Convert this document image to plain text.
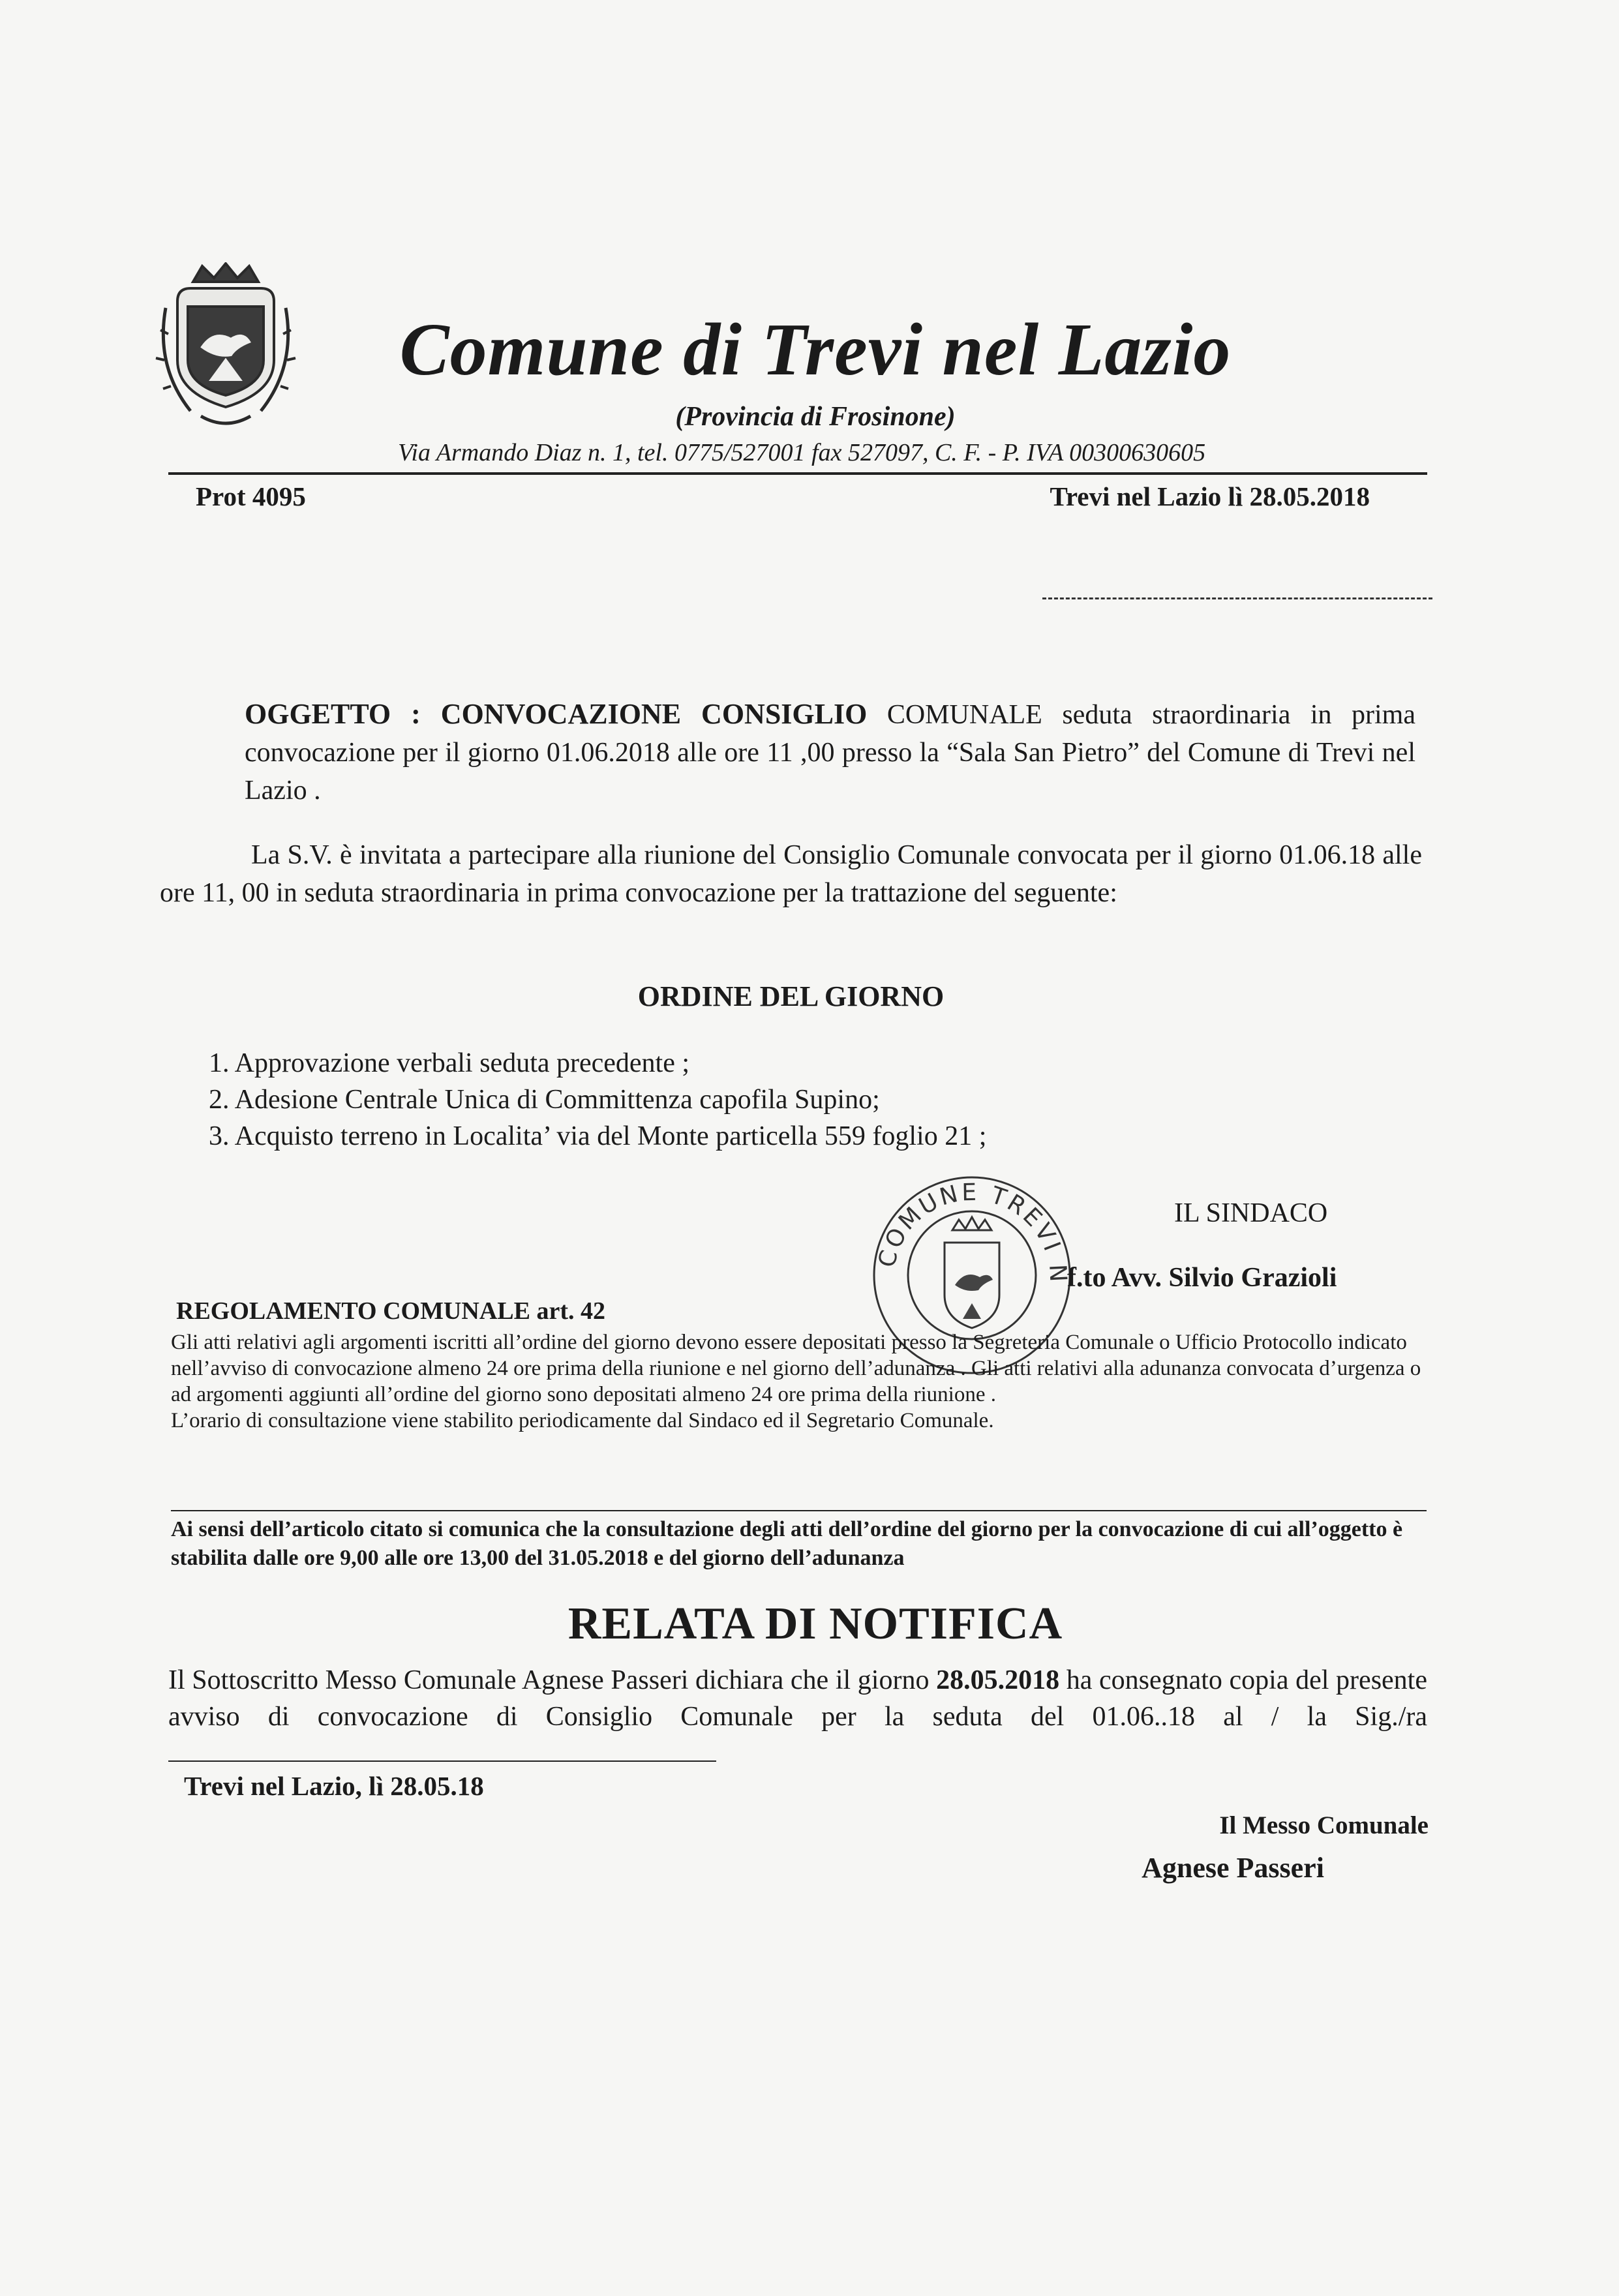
Comune di Trevi nel Lazio
(Provincia di Frosinone)
Via Armando Diaz n. 1, tel. 0775/527001 fax 527097, C. F. - P. IVA 00300630605
Prot 4095	Trevi nel Lazio lì 28.05.2018
OGGETTO : CONVOCAZIONE CONSIGLIO COMUNALE seduta straordinaria in prima convocazione per il giorno 01.06.2018 alle ore 11 ,00 presso la “Sala San Pietro” del Comune di Trevi nel Lazio .
La S.V. è invitata a partecipare alla riunione del Consiglio Comunale convocata per il giorno 01.06.18 alle ore 11, 00 in seduta straordinaria in prima convocazione per la trattazione del seguente:
ORDINE DEL GIORNO
1. Approvazione verbali seduta precedente ;
2. Adesione Centrale Unica di Committenza capofila Supino;
3. Acquisto terreno in Localita’ via del Monte particella 559 foglio 21 ;
COMUNE TREVI N
IL SINDACO
f.to Avv. Silvio Grazioli
REGOLAMENTO COMUNALE art. 42

Gli atti relativi agli argomenti iscritti all’ordine del giorno devono essere depositati presso la Segreteria Comunale o Ufficio Protocollo indicato nell’avviso di convocazione almeno 24 ore prima della riunione e nel giorno dell’adunanza . Gli atti relativi alla adunanza convocata d’urgenza o ad argomenti aggiunti all’ordine del giorno sono depositati almeno 24 ore prima della riunione .

L’orario di consultazione viene stabilito periodicamente dal Sindaco ed il Segretario Comunale.

Ai sensi dell’articolo citato si comunica che la consultazione degli atti dell’ordine del giorno per la convocazione di cui all’oggetto è stabilita dalle ore 9,00 alle ore 13,00 del 31.05.2018 e del giorno dell’adunanza
RELATA DI NOTIFICA
Il Sottoscritto Messo Comunale Agnese Passeri dichiara che il giorno 28.05.2018 ha consegnato copia del presente avviso di convocazione di Consiglio Comunale per la seduta del 01.06..18 al / la Sig./ra
Trevi nel Lazio, lì 28.05.18
Il Messo Comunale
Agnese Passeri
